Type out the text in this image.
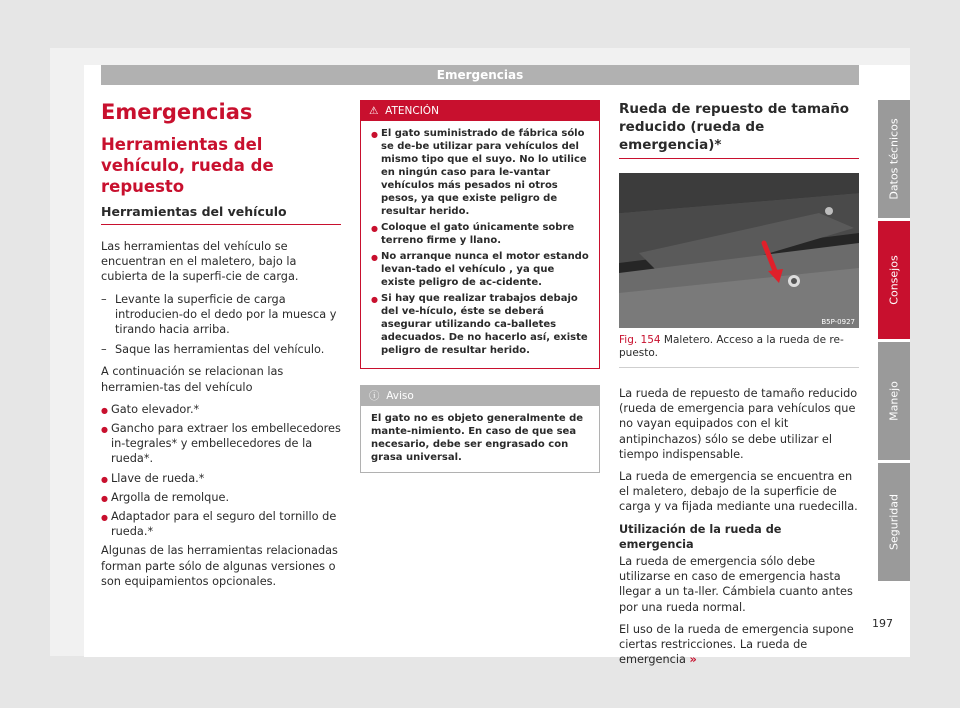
Emergencias
Emergencias
Herramientas del vehículo, rueda de repuesto
Herramientas del vehículo

Las herramientas del vehículo se encuentran en el maletero, bajo la cubierta de la superfi-cie de carga.

– Levante la superficie de carga introducien-do el dedo por la muesca y tirando hacia arriba.
– Saque las herramientas del vehículo.

A continuación se relacionan las herramien-tas del vehículo

● Gato elevador.*
● Gancho para extraer los embellecedores in-tegrales* y embellecedores de la rueda*.
● Llave de rueda.*
● Argolla de remolque.
● Adaptador para el seguro del tornillo de rueda.*

Algunas de las herramientas relacionadas forman parte sólo de algunas versiones o son equipamientos opcionales.

⚠ ATENCIÓN
● El gato suministrado de fábrica sólo se de-be utilizar para vehículos del mismo tipo que el suyo. No lo utilice en ningún caso para le-vantar vehículos más pesados ni otros pesos, ya que existe peligro de resultar herido.
● Coloque el gato únicamente sobre terreno firme y llano.
● No arranque nunca el motor estando levan-tado el vehículo , ya que existe peligro de ac-cidente.
● Si hay que realizar trabajos debajo del ve-hículo, éste se deberá asegurar utilizando ca-balletes adecuados. De no hacerlo así, existe peligro de resultar herido.
ⓘ Aviso
El gato no es objeto generalmente de mante-nimiento. En caso de que sea necesario, debe ser engrasado con grasa universal.
Rueda de repuesto de tamaño reducido (rueda de emergencia)*
B5P-0927
Fig. 154 Maletero. Acceso a la rueda de re-puesto.

La rueda de repuesto de tamaño reducido (rueda de emergencia para vehículos que no vayan equipados con el kit antipinchazos) sólo se debe utilizar el tiempo indispensable.

La rueda de emergencia se encuentra en el maletero, debajo de la superficie de carga y va fijada mediante una ruedecilla.

Utilización de la rueda de emergencia

La rueda de emergencia sólo debe utilizarse en caso de emergencia hasta llegar a un ta-ller. Cámbiela cuanto antes por una rueda normal.

El uso de la rueda de emergencia supone ciertas restricciones. La rueda de emergencia »

Datos técnicos
Consejos
Manejo
Seguridad
197
